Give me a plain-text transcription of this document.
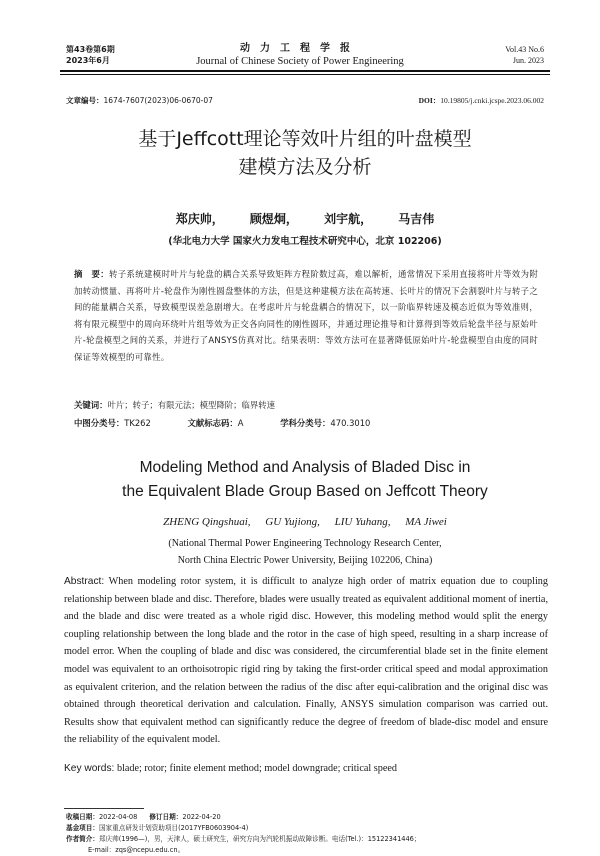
第43卷第6期
2023年6月
动力工程学报
Journal of Chinese Society of Power Engineering
Vol.43 No.6
Jun. 2023
文章编号：1674-7607(2023)06-0670-07	DOI：10.19805/j.cnki.jcspe.2023.06.002
基于Jeffcott理论等效叶片组的叶盘模型
建模方法及分析
郑庆帅， 顾煜炯， 刘宇航， 马吉伟
(华北电力大学 国家火力发电工程技术研究中心，北京 102206)
摘　要：转子系统建模时叶片与轮盘的耦合关系导致矩阵方程阶数过高，难以解析，通常情况下采用直接将叶片等效为附加转动惯量、再将叶片-轮盘作为刚性圆盘整体的方法，但是这种建模方法在高转速、长叶片的情况下会割裂叶片与转子之间的能量耦合关系，导致模型误差急剧增大。在考虑叶片与轮盘耦合的情况下，以一阶临界转速及模态近似为等效准则，将有限元模型中的周向环绕叶片组等效为正交各向同性的刚性圆环，并通过理论推导和计算得到等效后轮盘半径与原始叶片-轮盘模型之间的关系，并进行了ANSYS仿真对比。结果表明：等效方法可在显著降低原始叶片-轮盘模型自由度的同时保证等效模型的可靠性。
关键词：叶片；转子；有限元法；模型降阶；临界转速
中图分类号：TK262	文献标志码：A	学科分类号：470.3010
Modeling Method and Analysis of Bladed Disc in
the Equivalent Blade Group Based on Jeffcott Theory
ZHENG Qingshuai, GU Yujiong, LIU Yuhang, MA Jiwei
(National Thermal Power Engineering Technology Research Center,
North China Electric Power University, Beijing 102206, China)
Abstract: When modeling rotor system, it is difficult to analyze high order of matrix equation due to coupling relationship between blade and disc. Therefore, blades were usually treated as equivalent additional moment of inertia, and the blade and disc were treated as a whole rigid disc. However, this modeling method would split the energy coupling relationship between the long blade and the rotor in the case of high speed, resulting in a sharp increase of model error. When the coupling of blade and disc was considered, the circumferential blade set in the finite element model was equivalent to an orthoisotropic rigid ring by taking the first-order critical speed and modal approximation as equivalent criterion, and the relation between the radius of the disc after equi-calibration and the original disc was obtained through theoretical derivation and calculation. Finally, ANSYS simulation comparison was carried out. Results show that equivalent method can significantly reduce the degree of freedom of blade-disc model and ensure the reliability of the equivalent model.
Key words: blade; rotor; finite element method; model downgrade; critical speed
收稿日期：2022-04-08 修订日期：2022-04-20
基金项目：国家重点研发计划资助项目(2017YFB0603904-4)
作者简介：郑庆帅(1996—)，男，天津人，硕士研究生，研究方向为汽轮机振动故障诊断。电话(Tel.)：15122341446；
E-mail：zqs@ncepu.edu.cn。
